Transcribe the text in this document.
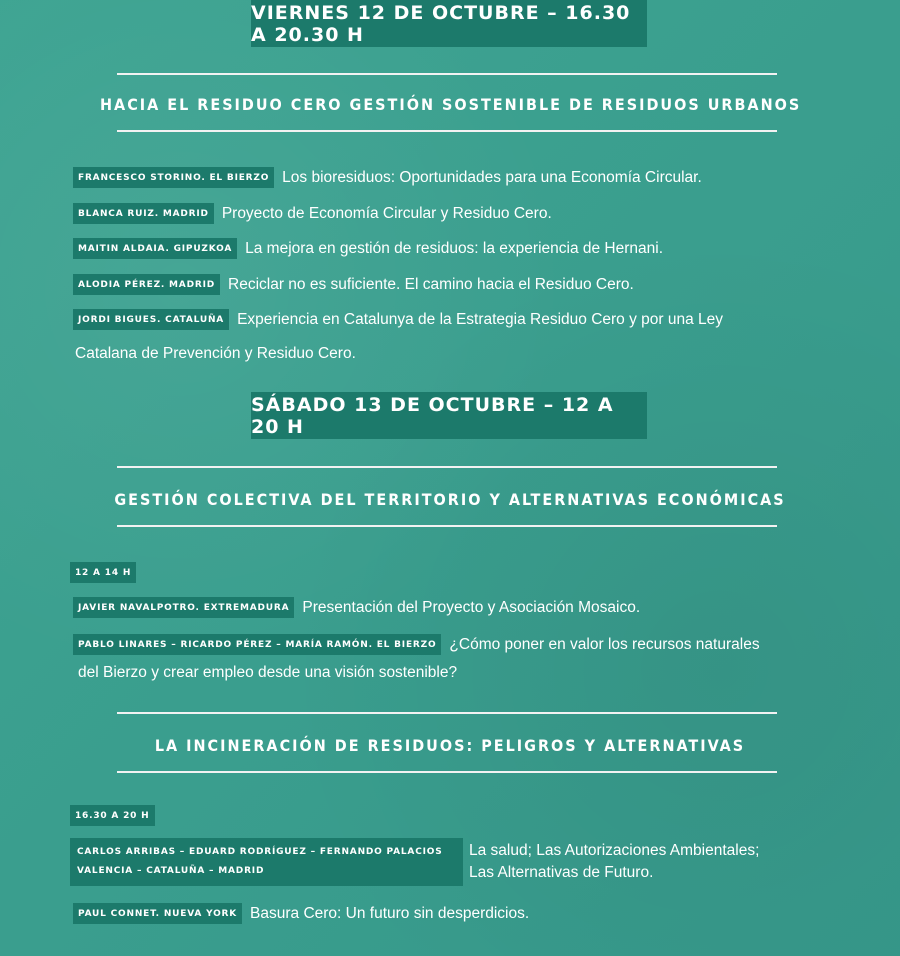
VIERNES 12 DE OCTUBRE – 16.30 A 20.30 H
HACIA EL RESIDUO CERO GESTIÓN SOSTENIBLE DE RESIDUOS URBANOS
FRANCESCO STORINO. EL BIERZO Los bioresiduos: Oportunidades para una Economía Circular.
BLANCA RUIZ. MADRID Proyecto de Economía Circular y Residuo Cero.
MAITIN ALDAIA. GIPUZKOA La mejora en gestión de residuos: la experiencia de Hernani.
ALODIA PÉREZ. MADRID Reciclar no es suficiente. El camino hacia el Residuo Cero.
JORDI BIGUES. CATALUÑA Experiencia en Catalunya de la Estrategia Residuo Cero y por una Ley
Catalana de Prevención y Residuo Cero.
SÁBADO 13 DE OCTUBRE – 12 A 20 H
GESTIÓN COLECTIVA DEL TERRITORIO Y ALTERNATIVAS ECONÓMICAS
12 A 14 H
JAVIER NAVALPOTRO. EXTREMADURA Presentación del Proyecto y Asociación Mosaico.
PABLO LINARES – RICARDO PÉREZ – MARÍA RAMÓN. EL BIERZO ¿Cómo poner en valor los recursos naturales
del Bierzo y crear empleo desde una visión sostenible?
LA INCINERACIÓN DE RESIDUOS: PELIGROS Y ALTERNATIVAS
16.30 A 20 H
CARLOS ARRIBAS – EDUARD RODRÍGUEZ – FERNANDO PALACIOS
VALENCIA – CATALUÑA – MADRID
La salud; Las Autorizaciones Ambientales;
Las Alternativas de Futuro.
PAUL CONNET. NUEVA YORK Basura Cero: Un futuro sin desperdicios.
